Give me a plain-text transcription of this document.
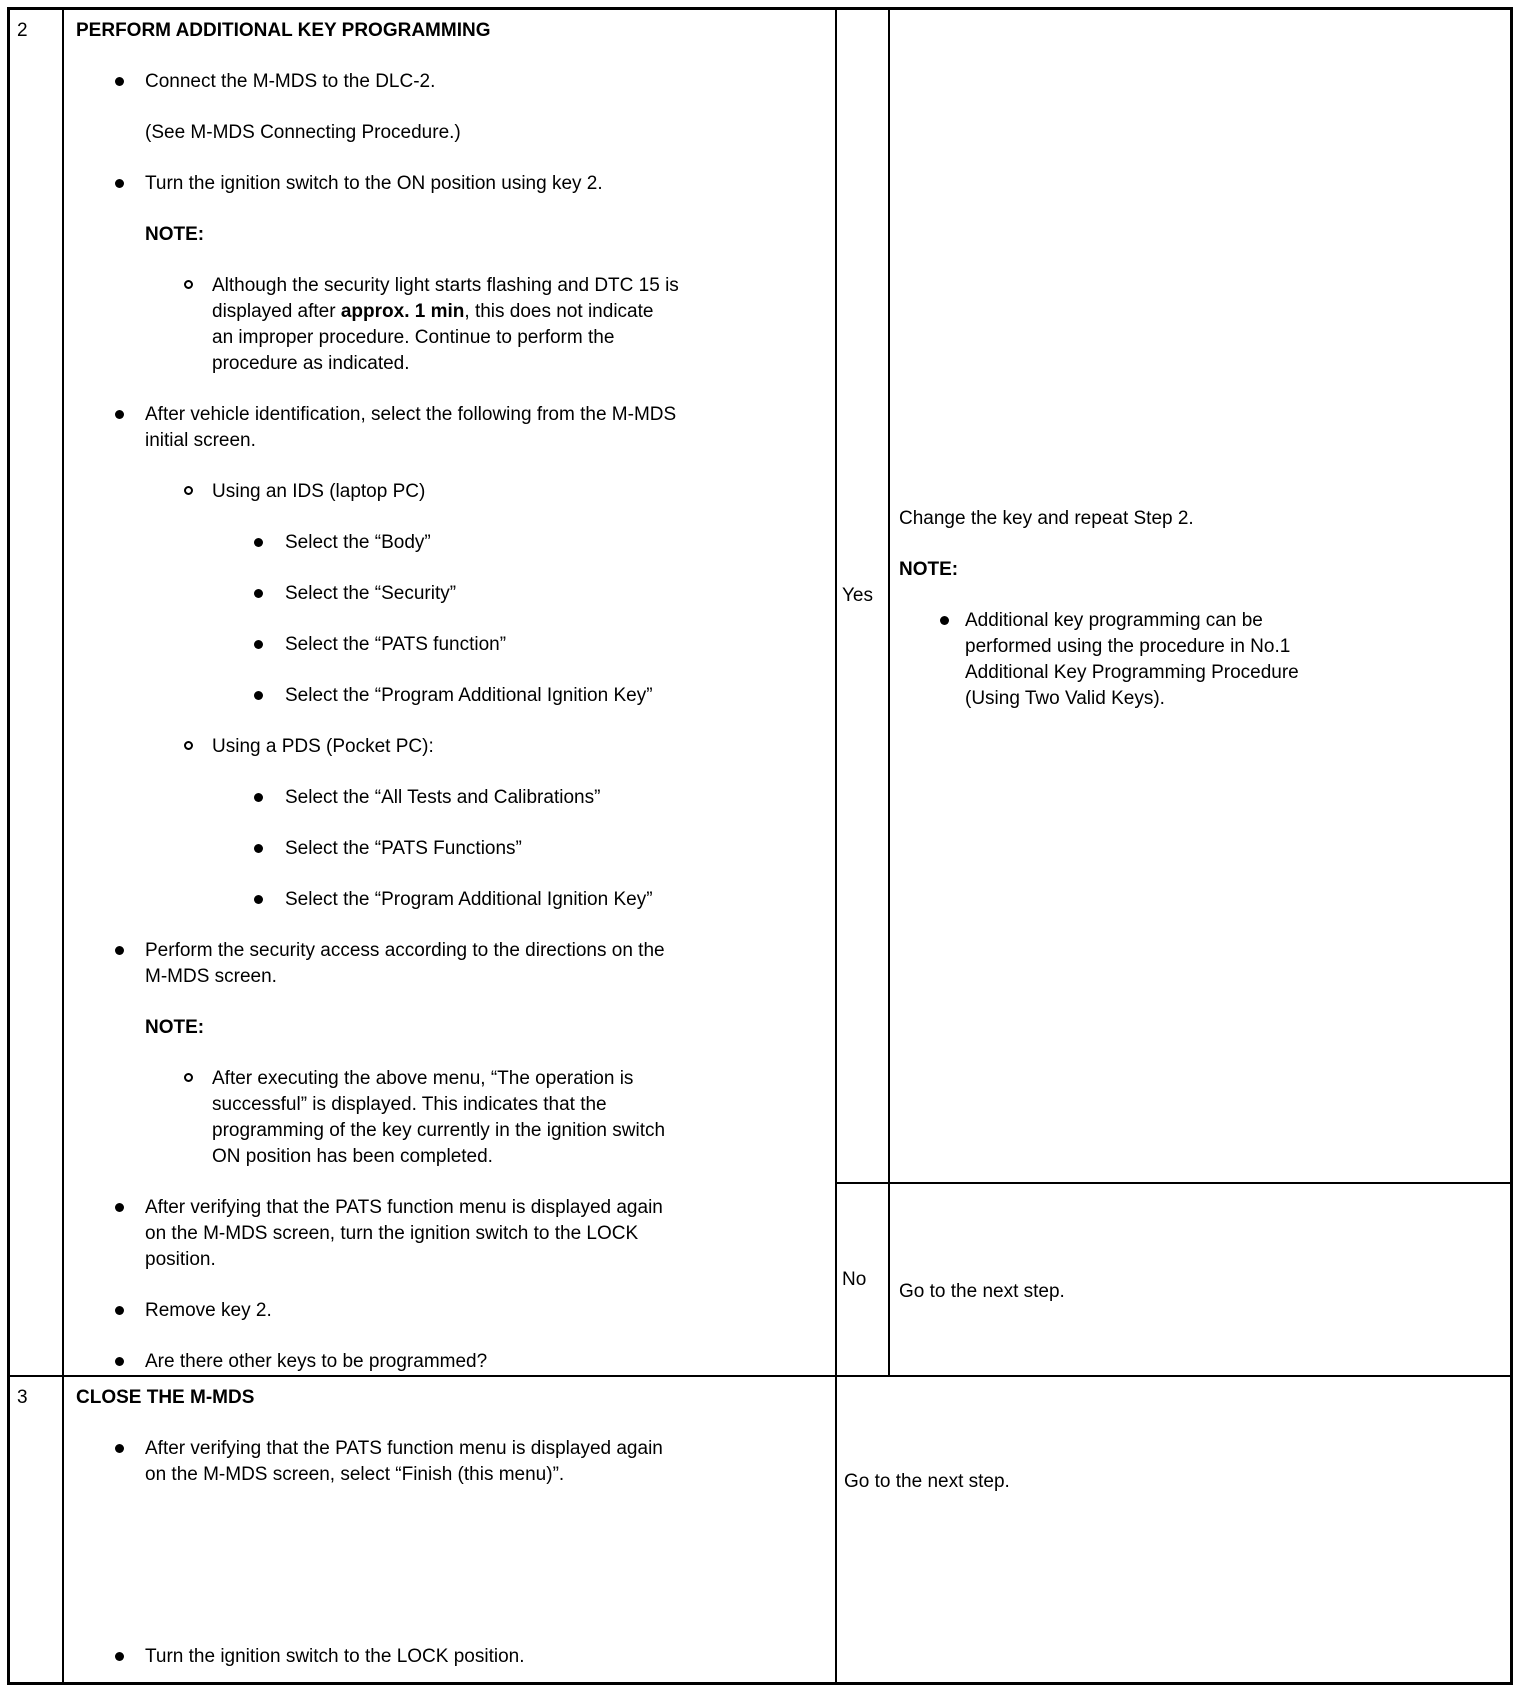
2	PERFORM ADDITIONAL KEY PROGRAMMING
Connect the M-MDS to the DLC-2.
(See M-MDS Connecting Procedure.)
Turn the ignition switch to the ON position using key 2.
NOTE:
Although the security light starts flashing and DTC 15 is
displayed after approx. 1 min, this does not indicate
an improper procedure. Continue to perform the
procedure as indicated.
After vehicle identification, select the following from the M-MDS
initial screen.
Using an IDS (laptop PC)
Select the “Body”
Select the “Security”
Select the “PATS function”
Select the “Program Additional Ignition Key”
Using a PDS (Pocket PC):
Select the “All Tests and Calibrations”
Select the “PATS Functions”
Select the “Program Additional Ignition Key”
Perform the security access according to the directions on the
M-MDS screen.
NOTE:
After executing the above menu, “The operation is
successful” is displayed. This indicates that the
programming of the key currently in the ignition switch
ON position has been completed.
After verifying that the PATS function menu is displayed again
on the M-MDS screen, turn the ignition switch to the LOCK
position.
Remove key 2.
Are there other keys to be programmed?
Yes
Change the key and repeat Step 2.
NOTE:
Additional key programming can be
performed using the procedure in No.1
Additional Key Programming Procedure
(Using Two Valid Keys).
No
Go to the next step.
3	CLOSE THE M-MDS
After verifying that the PATS function menu is displayed again
on the M-MDS screen, select “Finish (this menu)”.
Turn the ignition switch to the LOCK position.
Go to the next step.
